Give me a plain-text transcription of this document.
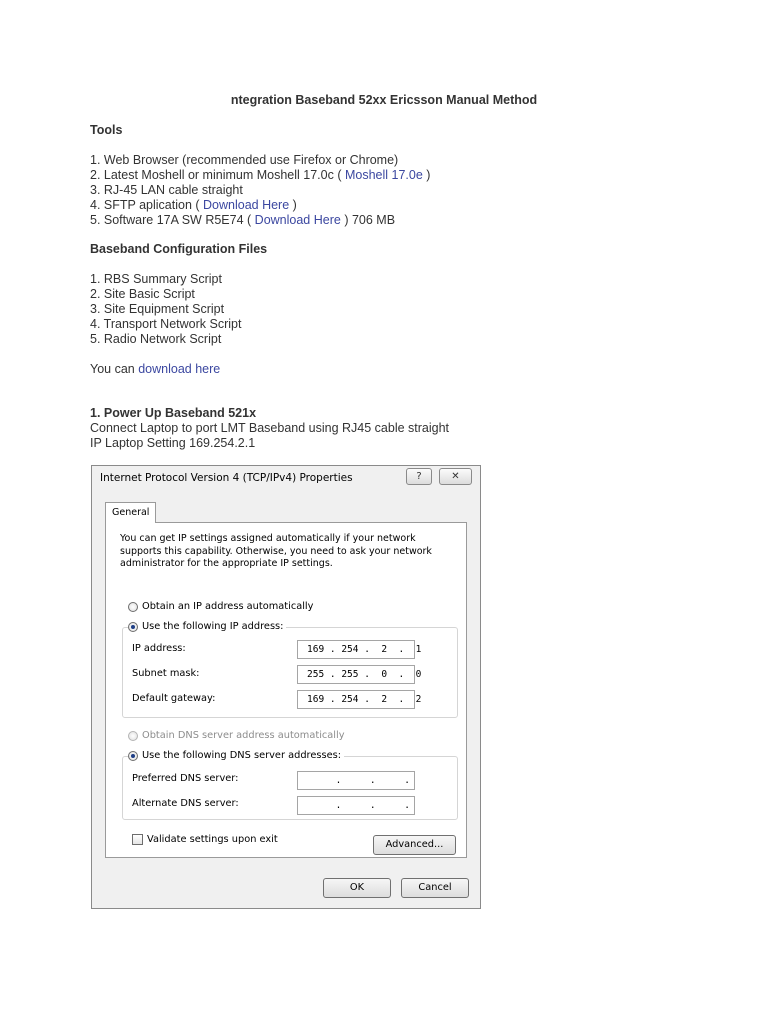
ntegration Baseband 52xx Ericsson Manual Method
Tools
1. Web Browser (recommended use Firefox or Chrome)
2. Latest Moshell or minimum Moshell 17.0c ( Moshell 17.0e )
3. RJ-45 LAN cable straight
4. SFTP aplication ( Download Here )
5. Software 17A SW R5E74 ( Download Here ) 706 MB
Baseband Configuration Files
1. RBS Summary Script
2. Site Basic Script
3. Site Equipment Script
4. Transport Network Script
5. Radio Network Script
You can download here
1. Power Up Baseband 521x
Connect Laptop to port LMT Baseband using RJ45 cable straight
IP Laptop Setting 169.254.2.1
Internet Protocol Version 4 (TCP/IPv4) Properties	?	✕
General
You can get IP settings assigned automatically if your network supports this capability. Otherwise, you need to ask your network administrator for the appropriate IP settings.
Obtain an IP address automatically
Use the following IP address:
IP address:	169 . 254 .  2  .  1
Subnet mask:	255 . 255 .  0  .  0
Default gateway:	169 . 254 .  2  .  2
Obtain DNS server address automatically
Use the following DNS server addresses:
Preferred DNS server:	.     .     .
Alternate DNS server:	.     .     .
Validate settings upon exit	Advanced...
OK	Cancel
